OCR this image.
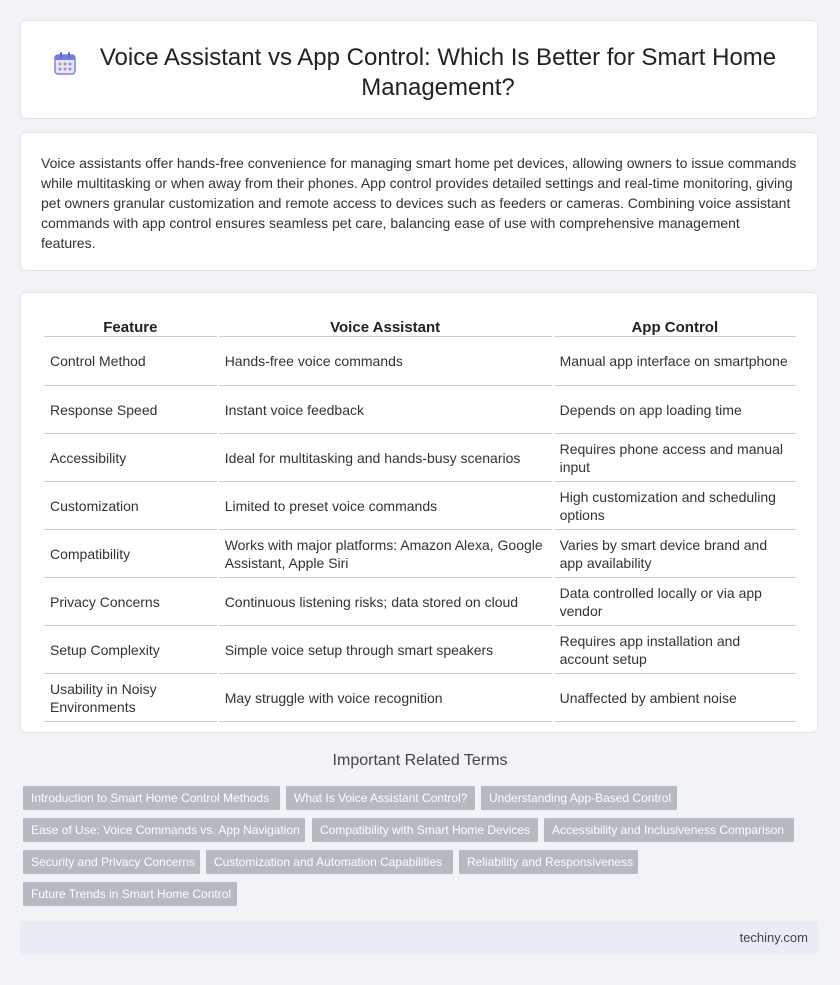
Voice Assistant vs App Control: Which Is Better for Smart Home Management?

Voice assistants offer hands-free convenience for managing smart home pet devices, allowing owners to issue commands while multitasking or when away from their phones. App control provides detailed settings and real-time monitoring, giving pet owners granular customization and remote access to devices such as feeders or cameras. Combining voice assistant commands with app control ensures seamless pet care, balancing ease of use with comprehensive management features.

Feature	Voice Assistant	App Control
Control Method	Hands-free voice commands	Manual app interface on smartphone
Response Speed	Instant voice feedback	Depends on app loading time
Accessibility	Ideal for multitasking and hands-busy scenarios	Requires phone access and manual input
Customization	Limited to preset voice commands	High customization and scheduling options
Compatibility	Works with major platforms: Amazon Alexa, Google Assistant, Apple Siri	Varies by smart device brand and app availability
Privacy Concerns	Continuous listening risks; data stored on cloud	Data controlled locally or via app vendor
Setup Complexity	Simple voice setup through smart speakers	Requires app installation and account setup
Usability in Noisy Environments	May struggle with voice recognition	Unaffected by ambient noise
Important Related Terms
Introduction to Smart Home Control Methods	What Is Voice Assistant Control?	Understanding App-Based Control
Ease of Use: Voice Commands vs. App Navigation	Compatibility with Smart Home Devices	Accessibility and Inclusiveness Comparison
Security and Privacy Concerns	Customization and Automation Capabilities	Reliability and Responsiveness
Future Trends in Smart Home Control
techiny.com
